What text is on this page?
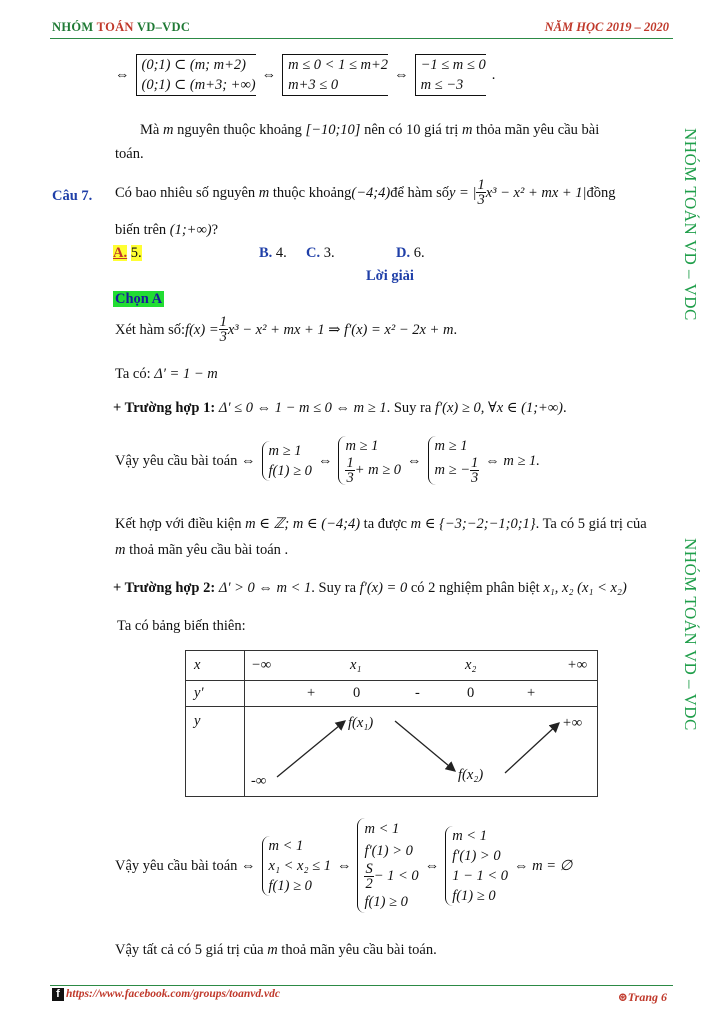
NHÓM TOÁN VD–VDC	NĂM HỌC 2019 – 2020
NHÓM TOÁN VD – VDC
NHÓM TOÁN VD – VDC
⇔
(0;1) ⊂ (m; m+2)
(0;1) ⊂ (m+3; +∞)
⇔
m ≤ 0 < 1 ≤ m+2
m+3 ≤ 0
⇔
−1 ≤ m ≤ 0
m ≤ −3
.
Mà m nguyên thuộc khoảng [−10;10] nên có 10 giá trị m thỏa mãn yêu cầu bài
toán.
Câu 7. Có bao nhiêu số nguyên m thuộc khoảng (−4;4) để hàm số y = | $\frac{1}{3} x^3 - x^2$ + mx + 1| đồng
biến trên (1;+∞)?
A. 5.	B. 4. C. 3.	D. 6.
Lời giải
Chọn A
Xét hàm số: $f(x) = \frac{1}{3} x^3 - x^2$ + mx + 1 ⇒ f′(x) = x² − 2x + m .
Ta có: Δ′ = 1 − m
+ Trường hợp 1: Δ′ ≤ 0 ⇔ 1 − m ≤ 0 ⇔ m ≥ 1. Suy ra f′(x) ≥ 0, ∀x ∈ (1;+∞).
Vậy yêu cầu bài toán ⇔
m ≥ 1
f(1) ≥ 0
⇔
m ≥ 1

$\frac{1}{3} + m \ge 0$
⇔
m ≥ 1
m ≥ − $\frac{1}{3}$ ⇔ m ≥ 1.
Kết hợp với điều kiện m ∈ ℤ; m ∈ (−4;4) ta được m ∈ {−3;−2;−1;0;1}. Ta có 5 giá trị của
m thoả mãn yêu cầu bài toán .
+ Trường hợp 2: Δ′ > 0 ⇔ m < 1. Suy ra f′(x) = 0 có 2 nghiệm phân biệt x₁, x₂ (x₁ < x₂)
Ta có bảng biến thiên:
x	−∞ x₁ x₂ +∞

y'	+ 0 - 0 +

y	-∞
f(x₁)
f(x₂)
+∞
Vậy yêu cầu bài toán ⇔
m < 1
x₁ < x₂ ≤ 1
f(1) ≥ 0
⇔
m < 1
f′(1) > 0

$\frac{S}{2} - 1 < 0$
f(1) ≥ 0
⇔
m < 1
f′(1) > 0
1 − 1 < 0
f(1) ≥ 0
⇔ m = ∅
Vậy tất cả có 5 giá trị của m thoả mãn yêu cầu bài toán.
f https://www.facebook.com/groups/toanvd.vdc	⊛Trang 6
